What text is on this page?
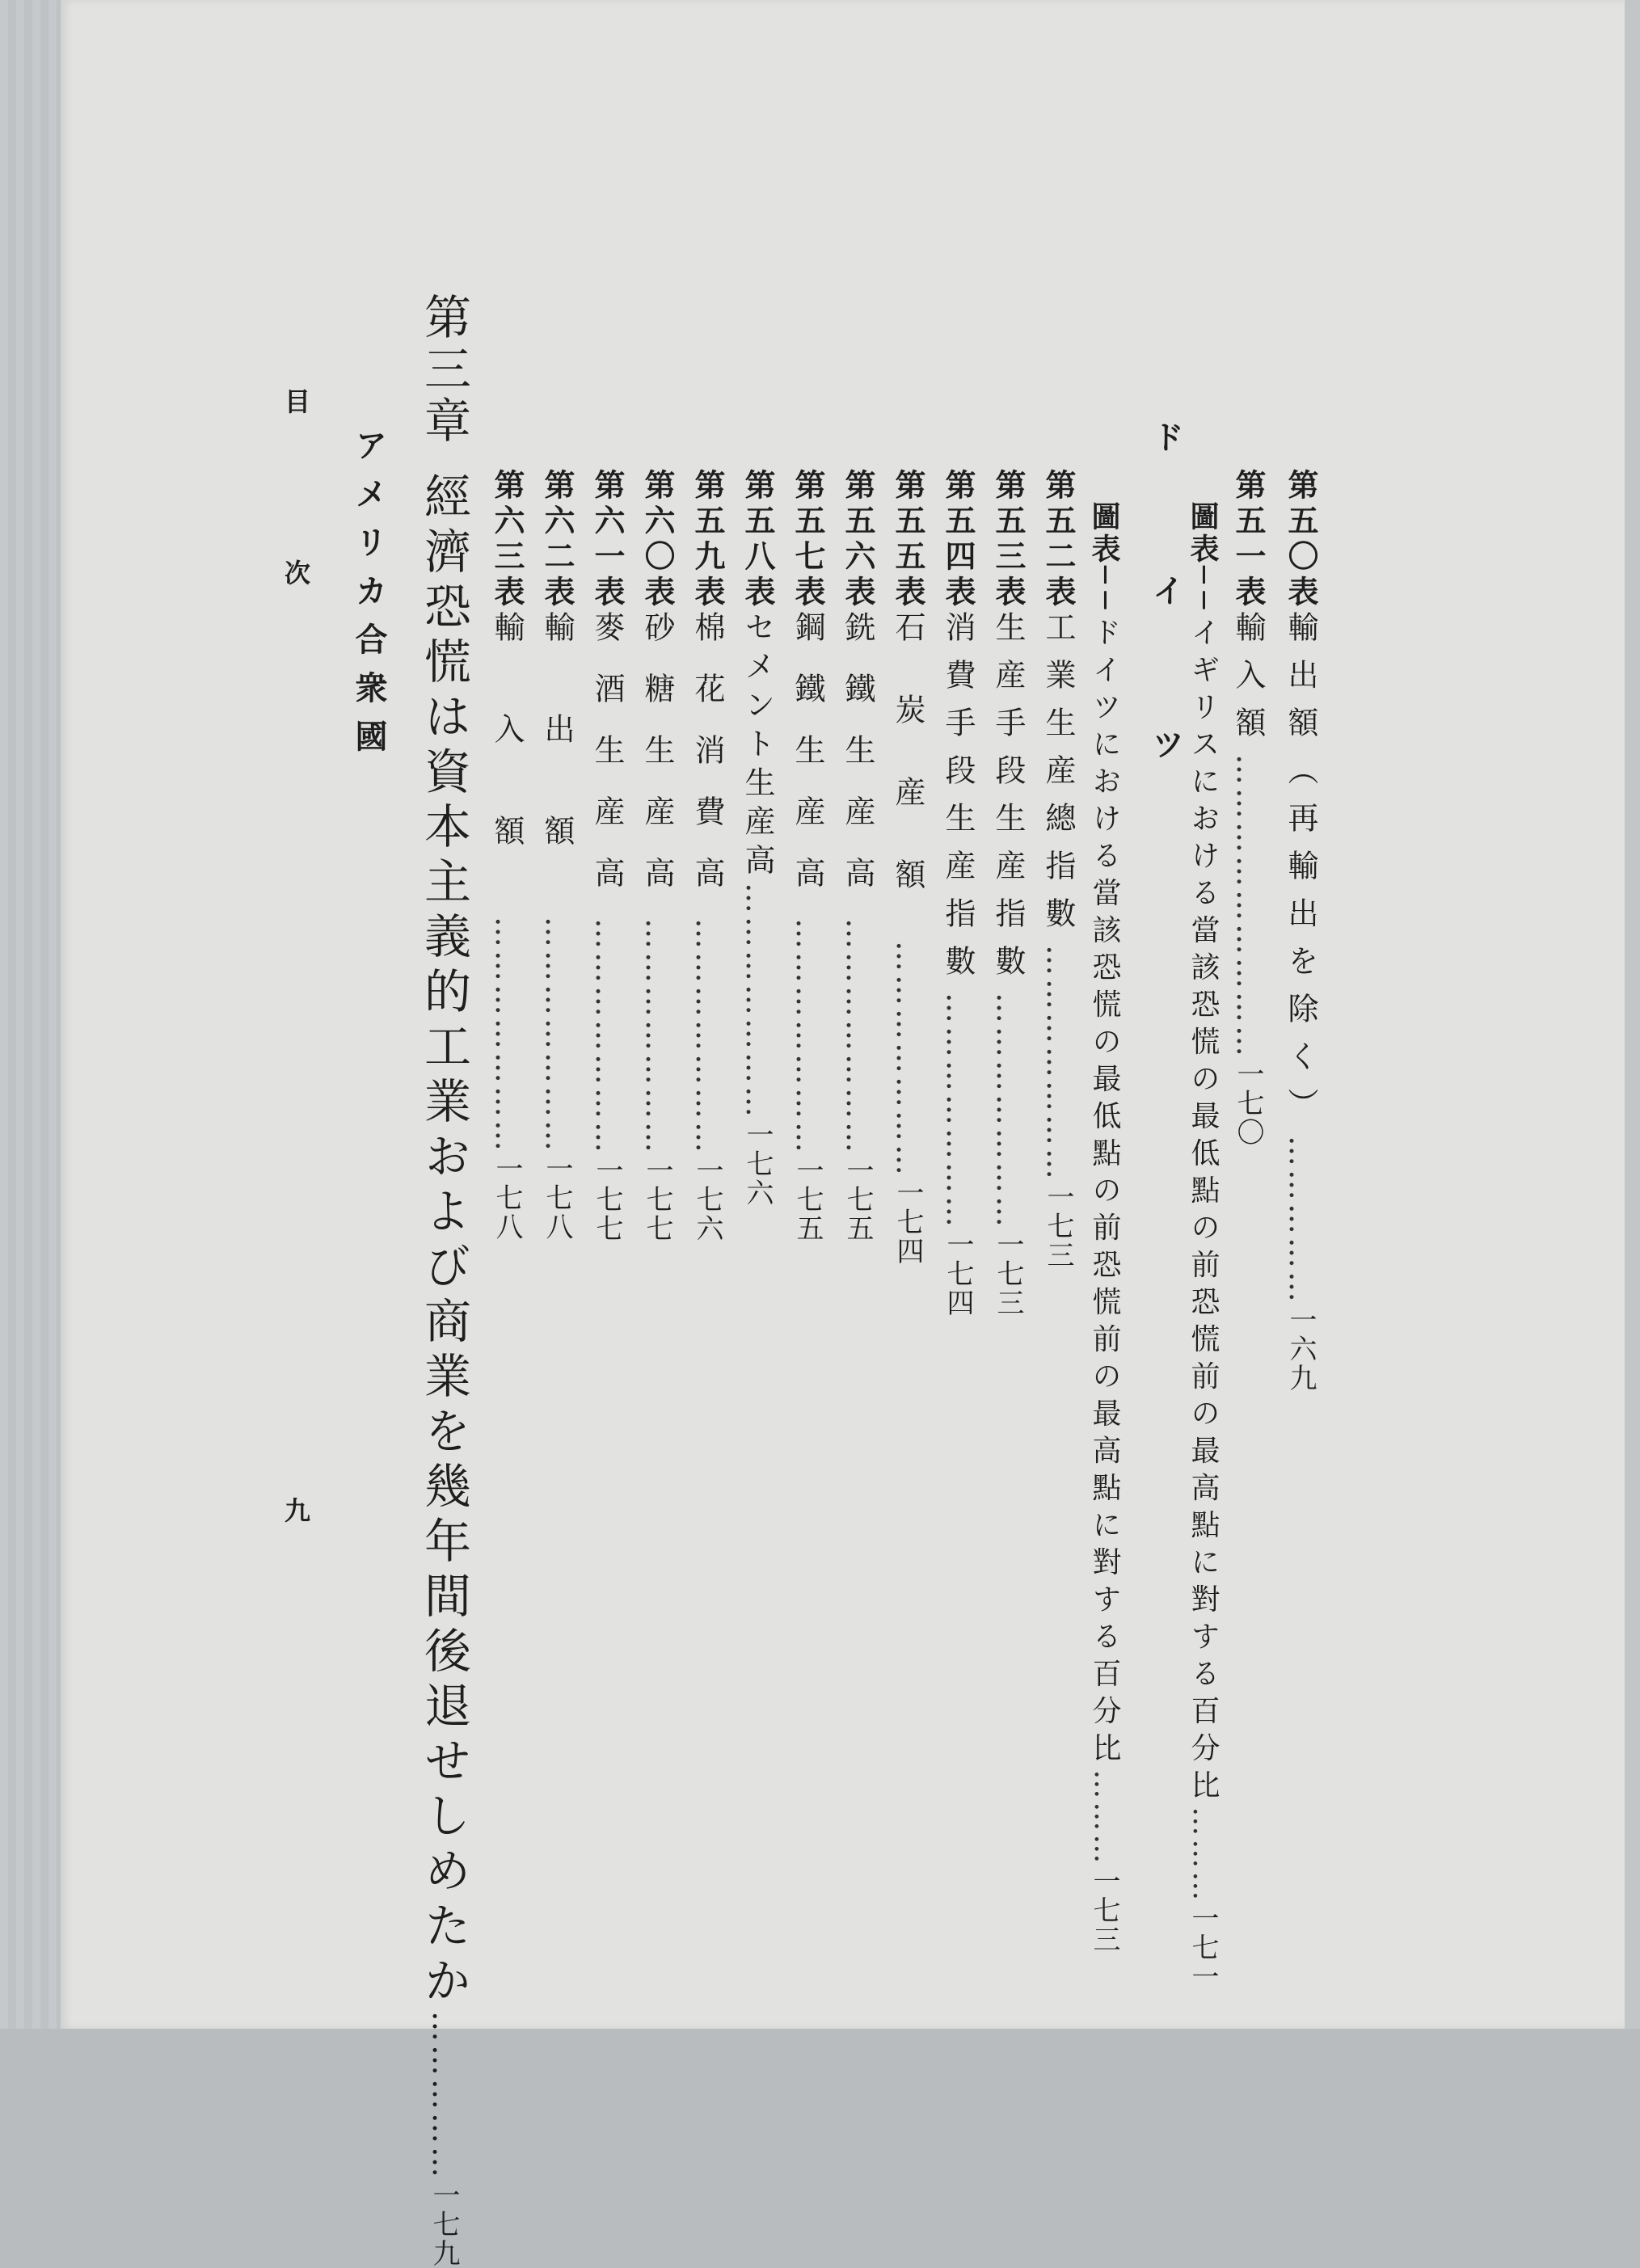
第五〇表輸出額（再輸出を除く）……………一六九
第五一表輸入額………………………一七〇
圖表──イギリスにおける當該恐慌の最低點の前恐慌前の最高點に對する百分比………一七一
ドイツ
圖表──ドイツにおける當該恐慌の最低點の前恐慌前の最高點に對する百分比………一七三
第五二表工業生産總指數…………………一七三
第五三表生産手段生産指數…………………一七三
第五四表消費手段生産指數…………………一七四
第五五表石炭産額…………………一七四
第五六表銑鐵生産高…………………一七五
第五七表鋼鐵生産高…………………一七五
第五八表セメント生産高…………………一七六
第五九表棉花消費高…………………一七六
第六〇表砂糖生産高…………………一七七
第六一表麥酒生産高…………………一七七
第六二表輸出額…………………一七八
第六三表輸入額…………………一七八
第三章經濟恐慌は資本主義的工業および商業を幾年間後退せしめたか……………一七九
アメリカ合衆國
目次
九
